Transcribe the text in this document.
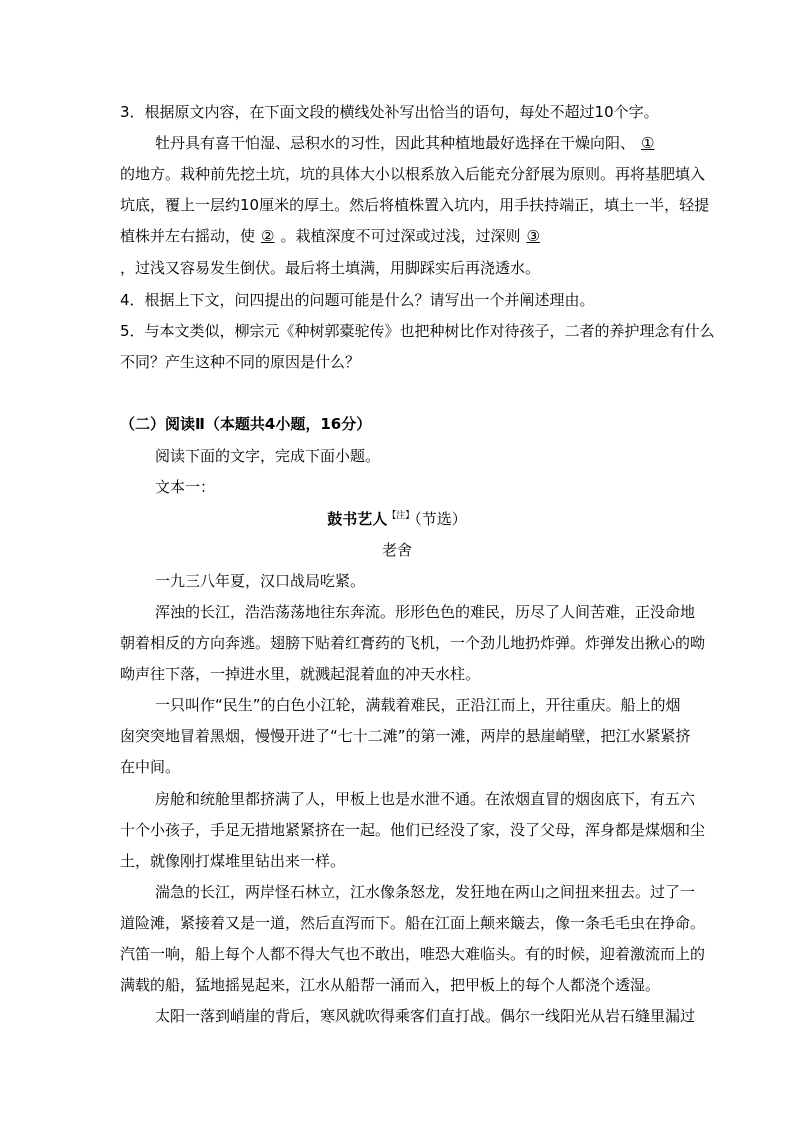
3．根据原文内容，在下面文段的横线处补写出恰当的语句，每处不超过10个字。
牡丹具有喜干怕湿、忌积水的习性，因此其种植地最好选择在干燥向阳、 ①
的地方。栽种前先挖土坑，坑的具体大小以根系放入后能充分舒展为原则。再将基肥填入
坑底，覆上一层约10厘米的厚土。然后将植株置入坑内，用手扶持端正，填土一半，轻提
植株并左右摇动，使 ② 。栽植深度不可过深或过浅，过深则 ③
，过浅又容易发生倒伏。最后将土填满，用脚踩实后再浇透水。
4．根据上下文，问四提出的问题可能是什么？请写出一个并阐述理由。
5．与本文类似，柳宗元《种树郭橐驼传》也把种树比作对待孩子，二者的养护理念有什么
不同？产生这种不同的原因是什么？
（二）阅读Ⅱ（本题共4小题，16分）
阅读下面的文字，完成下面小题。
文本一：
鼓书艺人$^{【注】}$（节选）
老舍
一九三八年夏，汉口战局吃紧。
浑浊的长江，浩浩荡荡地往东奔流。形形色色的难民，历尽了人间苦难，正没命地
朝着相反的方向奔逃。翅膀下贴着红膏药的飞机，一个劲儿地扔炸弹。炸弹发出揪心的呦
呦声往下落，一掉进水里，就溅起混着血的冲天水柱。
一只叫作“民生”的白色小江轮，满载着难民，正沿江而上，开往重庆。船上的烟
囱突突地冒着黑烟，慢慢开进了“七十二滩”的第一滩，两岸的悬崖峭壁，把江水紧紧挤
在中间。
房舱和统舱里都挤满了人，甲板上也是水泄不通。在浓烟直冒的烟囱底下，有五六
十个小孩子，手足无措地紧紧挤在一起。他们已经没了家，没了父母，浑身都是煤烟和尘
土，就像刚打煤堆里钻出来一样。
湍急的长江，两岸怪石林立，江水像条怒龙，发狂地在两山之间扭来扭去。过了一
道险滩，紧接着又是一道，然后直泻而下。船在江面上颠来簸去，像一条毛毛虫在挣命。
汽笛一响，船上每个人都不得大气也不敢出，唯恐大难临头。有的时候，迎着激流而上的
满载的船，猛地摇晃起来，江水从船帮一涌而入，把甲板上的每个人都浇个透湿。
太阳一落到峭崖的背后，寒风就吹得乘客们直打战。偶尔一线阳光从岩石缝里漏过
